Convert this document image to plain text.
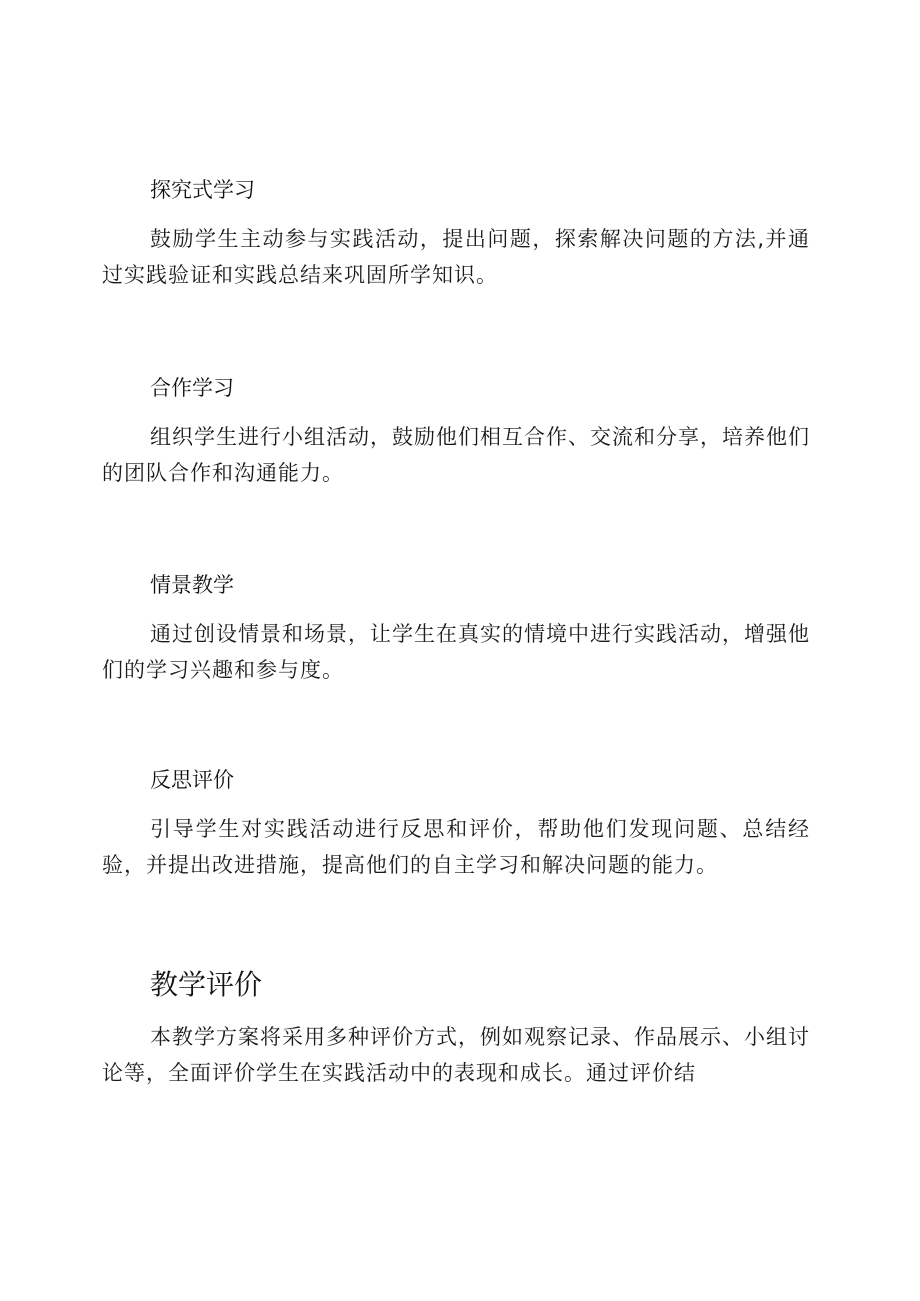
探究式学习

鼓励学生主动参与实践活动，提出问题，探索解决问题的方法,并通过实践验证和实践总结来巩固所学知识。

合作学习

组织学生进行小组活动，鼓励他们相互合作、交流和分享，培养他们的团队合作和沟通能力。

情景教学

通过创设情景和场景，让学生在真实的情境中进行实践活动，增强他们的学习兴趣和参与度。

反思评价

引导学生对实践活动进行反思和评价，帮助他们发现问题、总结经验，并提出改进措施，提高他们的自主学习和解决问题的能力。

教学评价

本教学方案将采用多种评价方式，例如观察记录、作品展示、小组讨论等，全面评价学生在实践活动中的表现和成长。通过评价结
